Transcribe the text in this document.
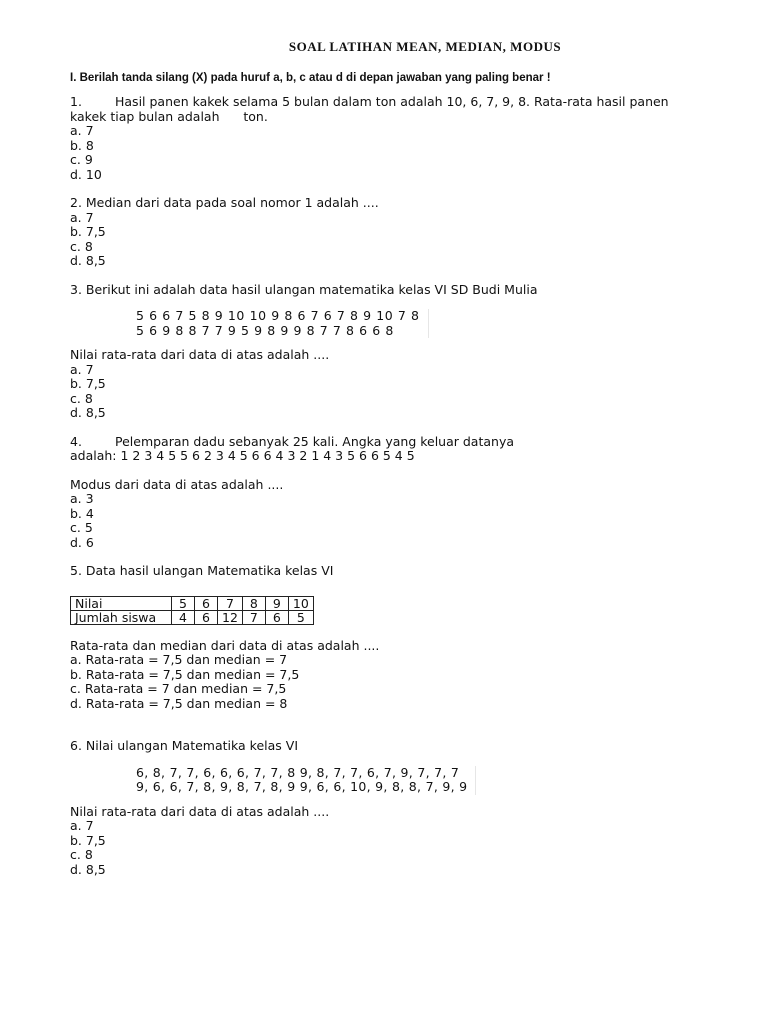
SOAL LATIHAN MEAN, MEDIAN, MODUS
I. Berilah tanda silang (X) pada huruf a, b, c atau d di depan jawaban yang paling benar !
1.	Hasil panen kakek selama 5 bulan dalam ton adalah 10, 6, 7, 9, 8. Rata-rata hasil panen
kakek tiap bulan adalah      ton.
a. 7
b. 8
c. 9
d. 10
2. Median dari data pada soal nomor 1 adalah ....
a. 7
b. 7,5
c. 8
d. 8,5
3. Berikut ini adalah data hasil ulangan matematika kelas VI SD Budi Mulia
5 6 6 7 5 8 9 10 10 9 8 6 7 6 7 8 9 10 7 8
5 6 9 8 8 7 7 9 5 9 8 9 9 8 7 7 8 6 6 8
Nilai rata-rata dari data di atas adalah ....
a. 7
b. 7,5
c. 8
d. 8,5
4.	Pelemparan dadu sebanyak 25 kali. Angka yang keluar datanya
adalah: 1 2 3 4 5 5 6 2 3 4 5 6 6 4 3 2 1 4 3 5 6 6 5 4 5
Modus dari data di atas adalah ....
a. 3
b. 4
c. 5
d. 6
5. Data hasil ulangan Matematika kelas VI
Nilai	5	6	7	8	9	10
Jumlah siswa	4	6	12	7	6	5
Rata-rata dan median dari data di atas adalah ....
a. Rata-rata = 7,5 dan median = 7
b. Rata-rata = 7,5 dan median = 7,5
c. Rata-rata = 7 dan median = 7,5
d. Rata-rata = 7,5 dan median = 8
6. Nilai ulangan Matematika kelas VI
6, 8, 7, 7, 6, 6, 6, 7, 7, 8 9, 8, 7, 7, 6, 7, 9, 7, 7, 7
9, 6, 6, 7, 8, 9, 8, 7, 8, 9 9, 6, 6, 10, 9, 8, 8, 7, 9, 9
Nilai rata-rata dari data di atas adalah ....
a. 7
b. 7,5
c. 8
d. 8,5
